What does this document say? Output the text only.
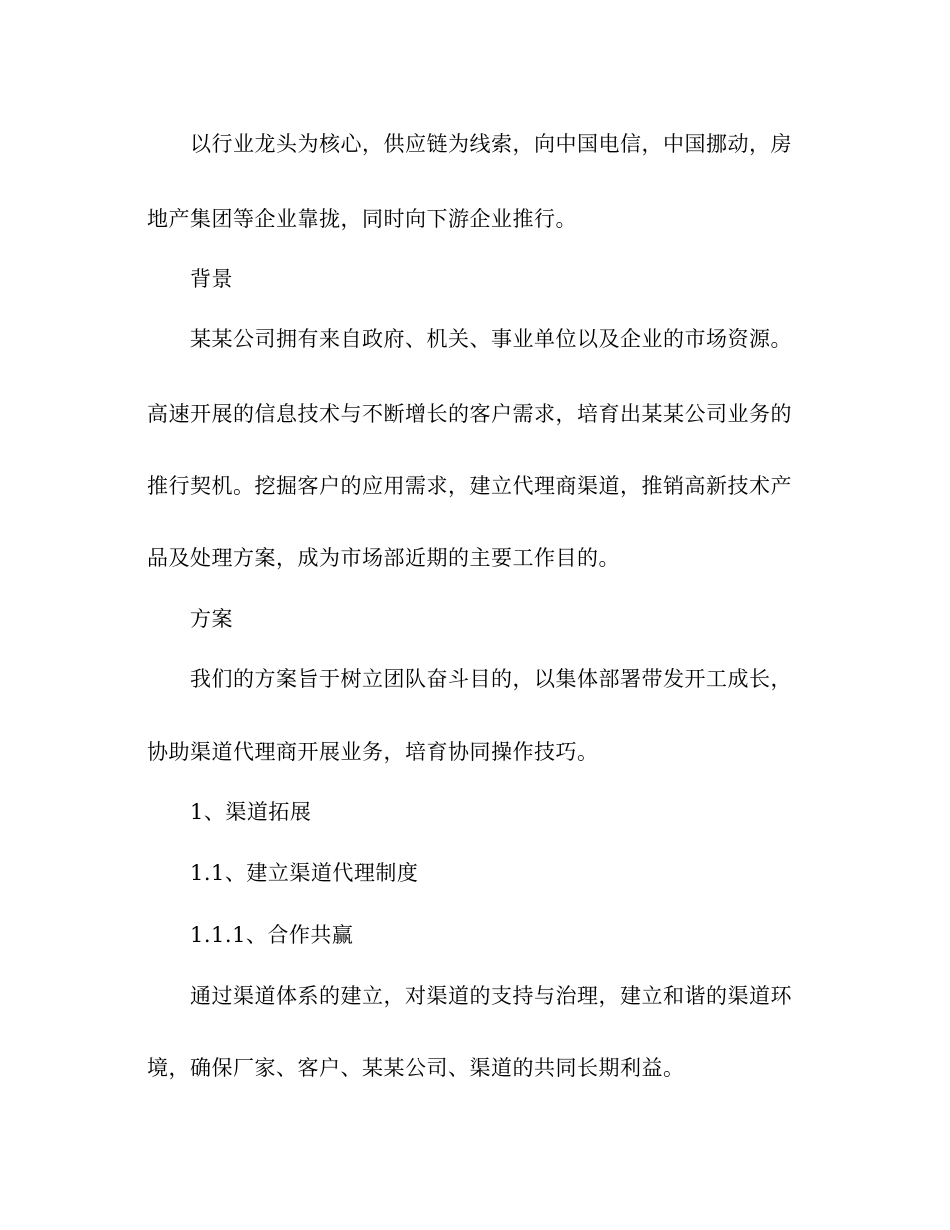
以行业龙头为核心，供应链为线索，向中国电信，中国挪动，房
地产集团等企业靠拢，同时向下游企业推行。
背景
某某公司拥有来自政府、机关、事业单位以及企业的市场资源。
高速开展的信息技术与不断增长的客户需求，培育出某某公司业务的
推行契机。挖掘客户的应用需求，建立代理商渠道，推销高新技术产
品及处理方案，成为市场部近期的主要工作目的。
方案
我们的方案旨于树立团队奋斗目的，以集体部署带发开工成长，
协助渠道代理商开展业务，培育协同操作技巧。
1、渠道拓展
1.1、建立渠道代理制度
1.1.1、合作共赢
通过渠道体系的建立，对渠道的支持与治理，建立和谐的渠道环
境，确保厂家、客户、某某公司、渠道的共同长期利益。
